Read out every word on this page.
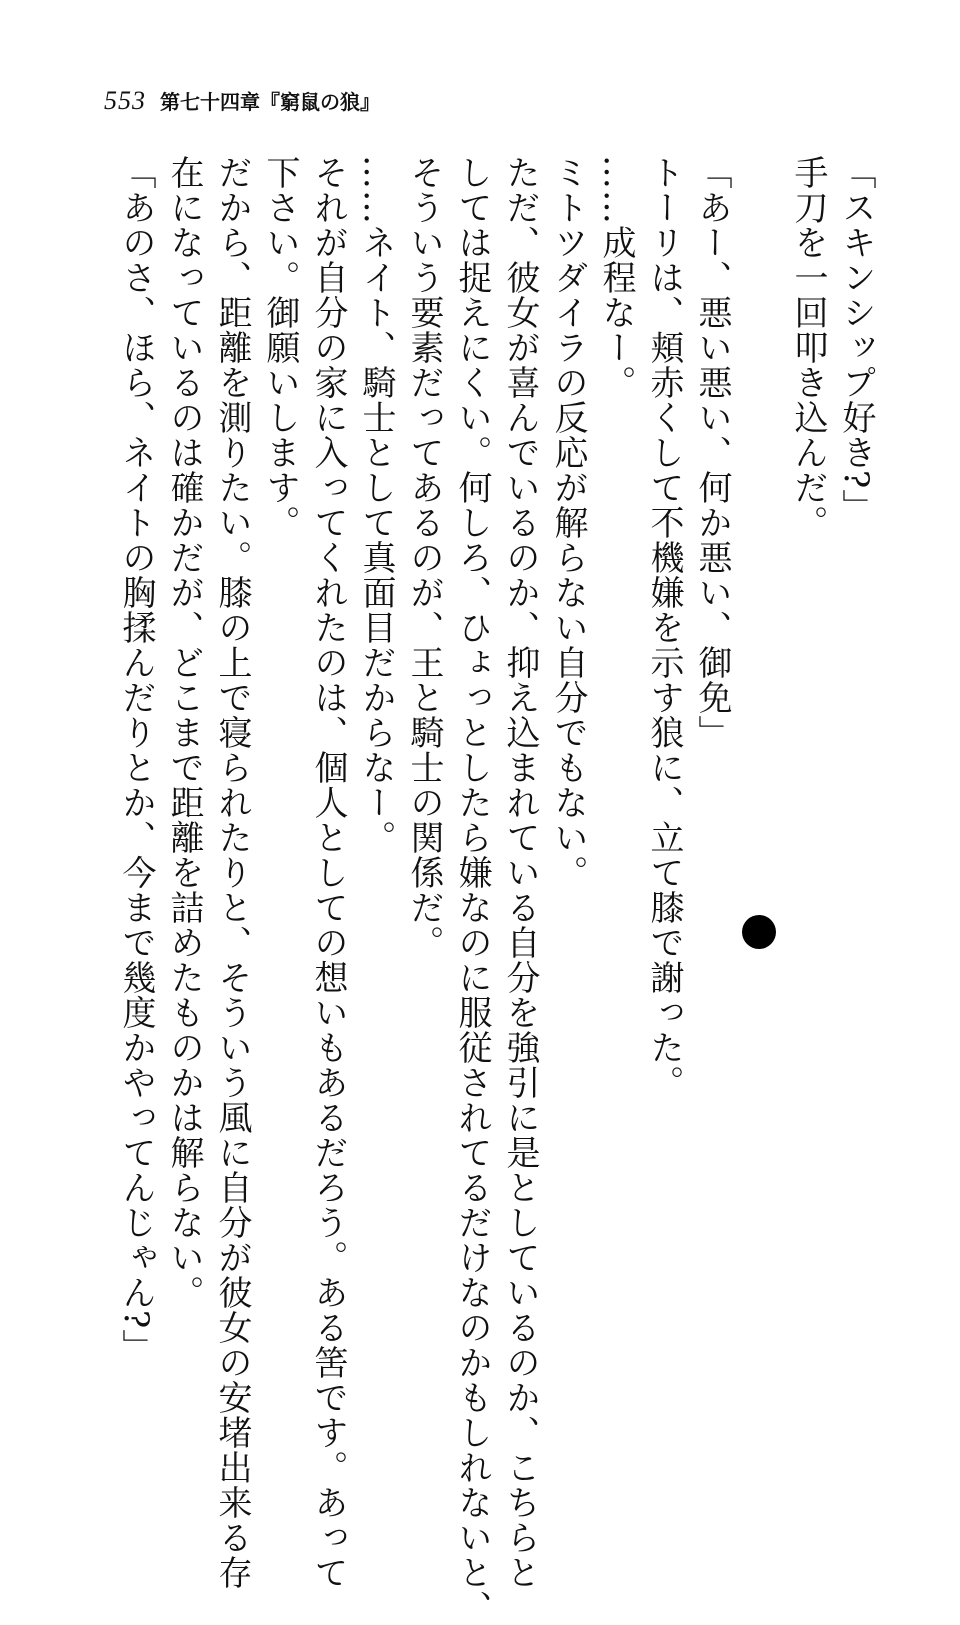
553 第七十四章『窮鼠の狼』
「スキンシップ好き?」
手刀を一回叩き込んだ。
「あー、悪い悪い、何か悪い、御免」
トーリは、頬赤くして不機嫌を示す狼に、立て膝で謝った。
……成程なー。
ミトツダイラの反応が解らない自分でもない。
ただ、彼女が喜んでいるのか、抑え込まれている自分を強引に是としているのか、こちらと
しては捉えにくい。何しろ、ひょっとしたら嫌なのに服従されてるだけなのかもしれないと、
そういう要素だってあるのが、王と騎士の関係だ。
……ネイト、騎士として真面目だからなー。
それが自分の家に入ってくれたのは、個人としての想いもあるだろう。ある筈です。あって
下さい。御願いします。
だから、距離を測りたい。膝の上で寝られたりと、そういう風に自分が彼女の安堵出来る存
在になっているのは確かだが、どこまで距離を詰めたものかは解らない。
「あのさ、ほら、ネイトの胸揉んだりとか、今まで幾度かやってんじゃん?」
